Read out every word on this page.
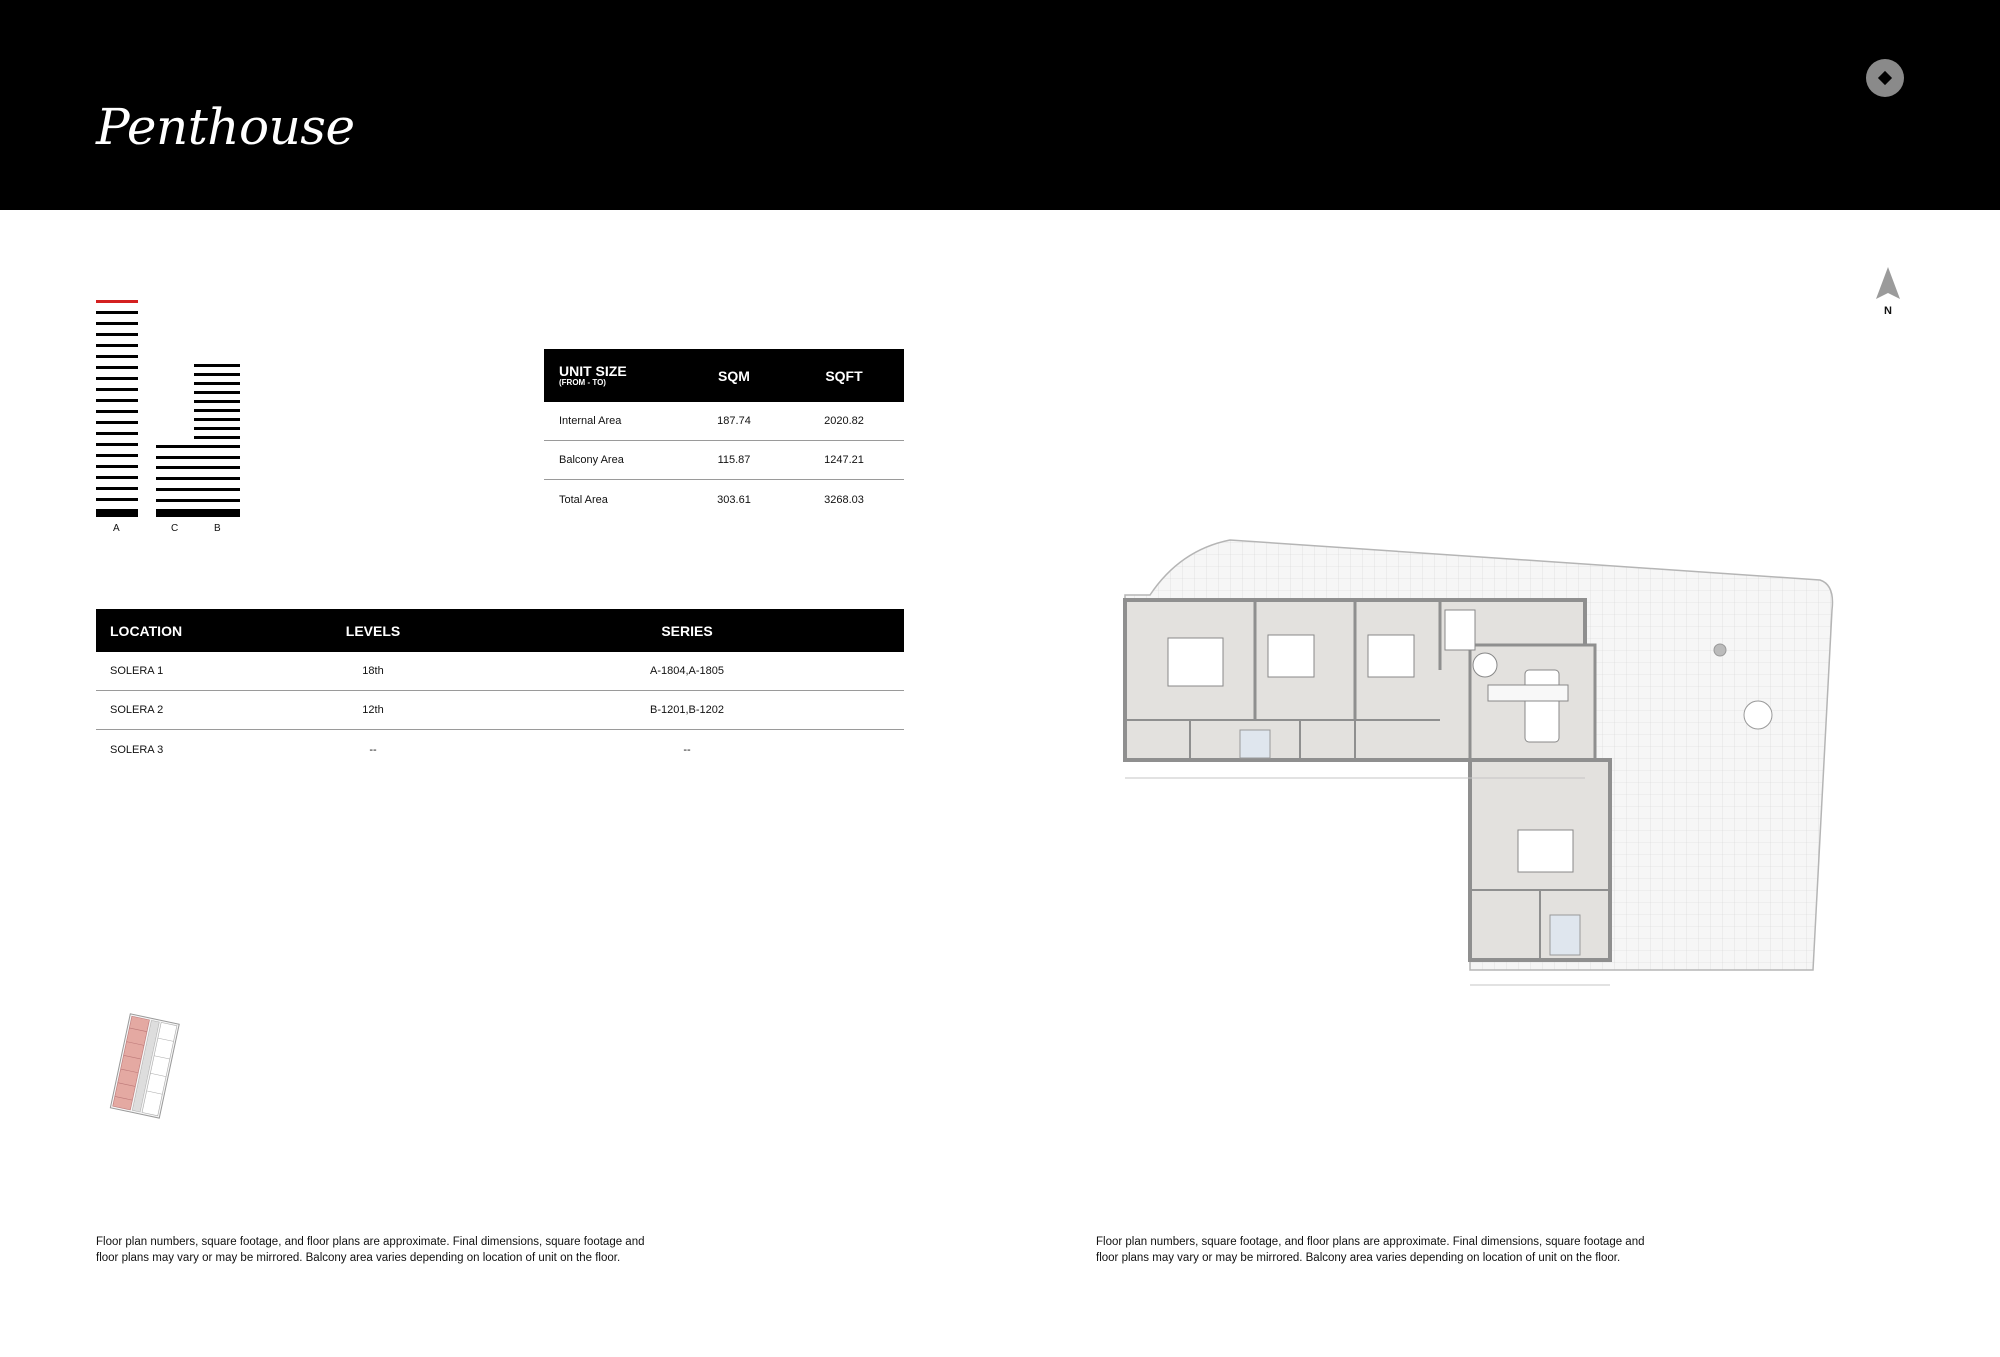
Penthouse
N
A	C	B
UNIT SIZE
(FROM - TO)	SQM	SQFT
Internal Area	187.74	2020.82
Balcony Area	115.87	1247.21
Total Area	303.61	3268.03
LOCATION	LEVELS	SERIES
SOLERA 1	18th	A-1804,A-1805
SOLERA 2	12th	B-1201,B-1202
SOLERA 3	--	--
Floor plan numbers, square footage, and floor plans are approximate. Final dimensions, square footage and
floor plans may vary or may be mirrored. Balcony area varies depending on location of unit on the floor.
Floor plan numbers, square footage, and floor plans are approximate. Final dimensions, square footage and
floor plans may vary or may be mirrored. Balcony area varies depending on location of unit on the floor.
